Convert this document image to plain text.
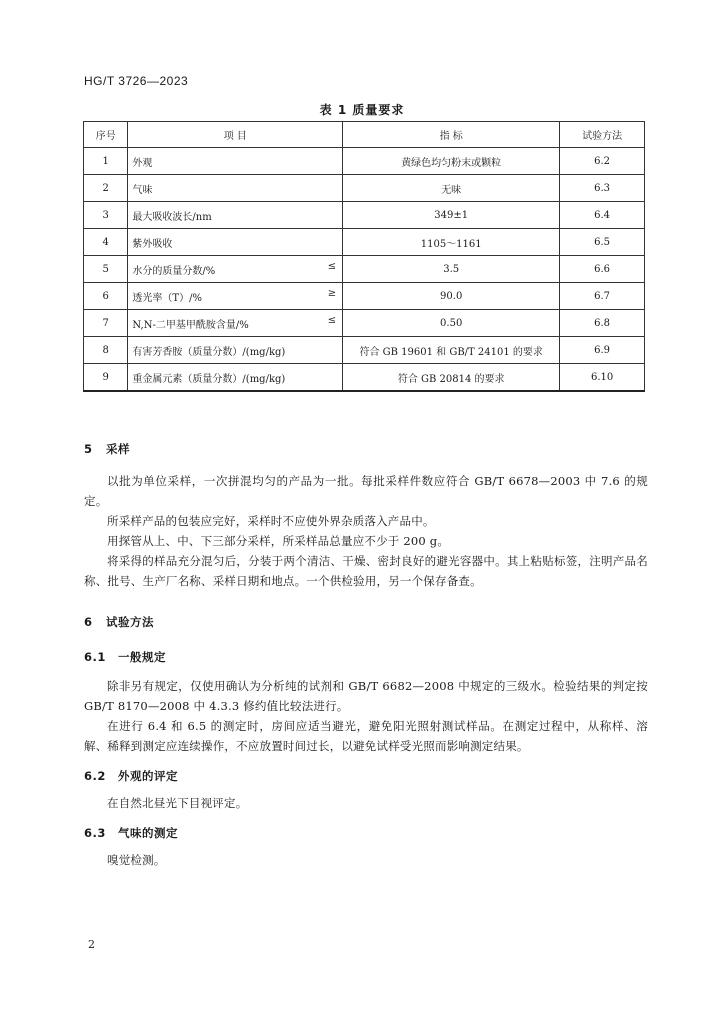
HG/T 3726—2023
表 1 质量要求
序号	项 目	指 标	试验方法
1	外观	黄绿色均匀粉末或颗粒	6.2
2	气味	无味	6.3
3	最大吸收波长/nm	349±1	6.4
4	紫外吸收	1105～1161	6.5
5	水分的质量分数/% ≤	3.5	6.6
6	透光率（T）/% ≥	90.0	6.7
7	N,N-二甲基甲酰胺含量/% ≤	0.50	6.8
8	有害芳香胺（质量分数）/(mg/kg)	符合 GB 19601 和 GB/T 24101 的要求	6.9
9	重金属元素（质量分数）/(mg/kg)	符合 GB 20814 的要求	6.10
5 采样
以批为单位采样，一次拼混均匀的产品为一批。每批采样件数应符合 GB/T 6678—2003 中 7.6 的规定。
所采样产品的包装应完好，采样时不应使外界杂质落入产品中。
用探管从上、中、下三部分采样，所采样品总量应不少于 200 g。
将采得的样品充分混匀后，分装于两个清洁、干燥、密封良好的避光容器中。其上粘贴标签，注明产品名称、批号、生产厂名称、采样日期和地点。一个供检验用，另一个保存备查。
6 试验方法
6.1 一般规定
除非另有规定，仅使用确认为分析纯的试剂和 GB/T 6682—2008 中规定的三级水。检验结果的判定按 GB/T 8170—2008 中 4.3.3 修约值比较法进行。
在进行 6.4 和 6.5 的测定时，房间应适当避光，避免阳光照射测试样品。在测定过程中，从称样、溶解、稀释到测定应连续操作，不应放置时间过长，以避免试样受光照而影响测定结果。
6.2 外观的评定
在自然北昼光下目视评定。
6.3 气味的测定
嗅觉检测。
2
